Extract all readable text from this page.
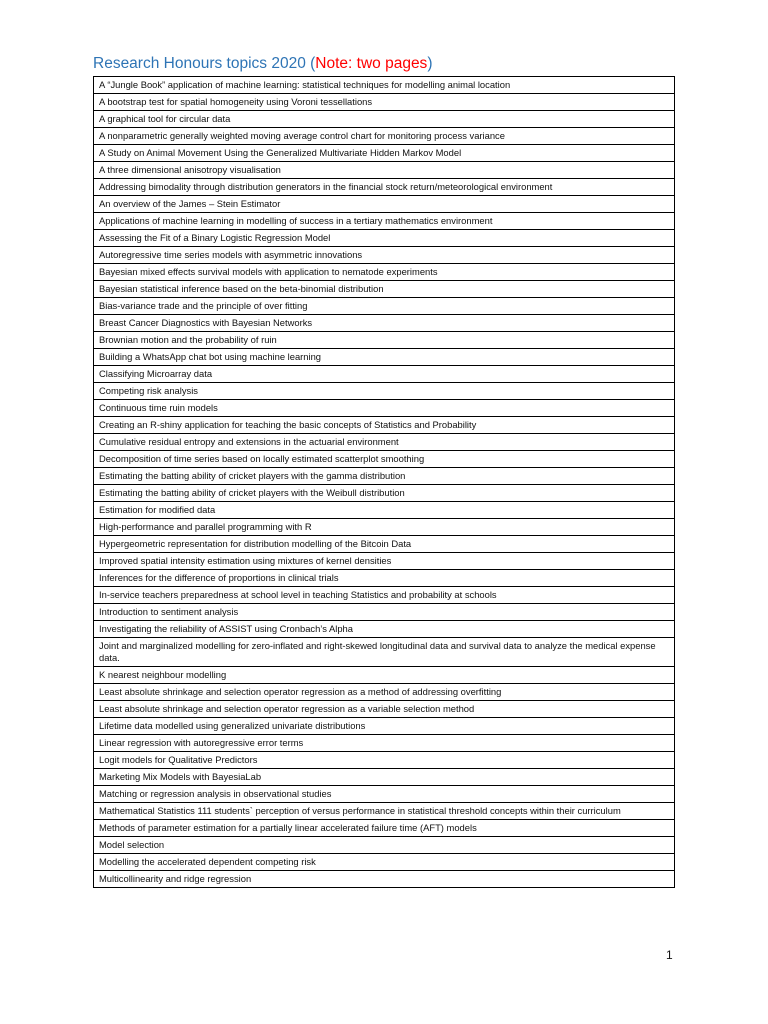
Research Honours topics 2020 (Note: two pages)
A “Jungle Book” application of machine learning: statistical techniques for modelling animal location
A bootstrap test for spatial homogeneity using Voroni tessellations
A graphical tool for circular data
A nonparametric generally weighted moving average control chart for monitoring process variance
A Study on Animal Movement Using the Generalized Multivariate Hidden Markov Model
A three dimensional anisotropy visualisation
Addressing bimodality through distribution generators in the financial stock return/meteorological environment
An overview of the James – Stein Estimator
Applications of machine learning in modelling of success in a tertiary mathematics environment
Assessing the Fit of a Binary Logistic Regression Model
Autoregressive time series models with asymmetric innovations
Bayesian mixed effects survival models with application to nematode experiments
Bayesian statistical inference based on the beta-binomial distribution
Bias-variance trade and the principle of over fitting
Breast Cancer Diagnostics with Bayesian Networks
Brownian motion and the probability of ruin
Building a WhatsApp chat bot using machine learning
Classifying Microarray data
Competing risk analysis
Continuous time ruin models
Creating an R-shiny application for teaching the basic concepts of Statistics and Probability
Cumulative residual entropy and extensions in the actuarial environment
Decomposition of time series based on locally estimated scatterplot smoothing
Estimating the batting ability of cricket players with the gamma distribution
Estimating the batting ability of cricket players with the Weibull distribution
Estimation for modified data
High-performance and parallel programming with R
Hypergeometric representation for distribution modelling of the Bitcoin Data
Improved spatial intensity estimation using mixtures of kernel densities
Inferences for the difference of proportions in clinical trials
In-service teachers preparedness at school level in teaching Statistics and probability at schools
Introduction to sentiment analysis
Investigating the reliability of ASSIST using Cronbach’s Alpha
Joint and marginalized modelling for zero-inflated and right-skewed longitudinal data and survival data to analyze the medical expense data.
K nearest neighbour modelling
Least absolute shrinkage and selection operator regression as a method of addressing overfitting
Least absolute shrinkage and selection operator regression as a variable selection method
Lifetime data modelled using generalized univariate distributions
Linear regression with autoregressive error terms
Logit models for Qualitative Predictors
Marketing Mix Models with BayesiaLab
Matching or regression analysis in observational studies
Mathematical Statistics 111 students` perception of versus performance in statistical threshold concepts within their curriculum
Methods of parameter estimation for a partially linear accelerated failure time (AFT) models
Model selection
Modelling the accelerated dependent competing risk
Multicollinearity and ridge regression
1
